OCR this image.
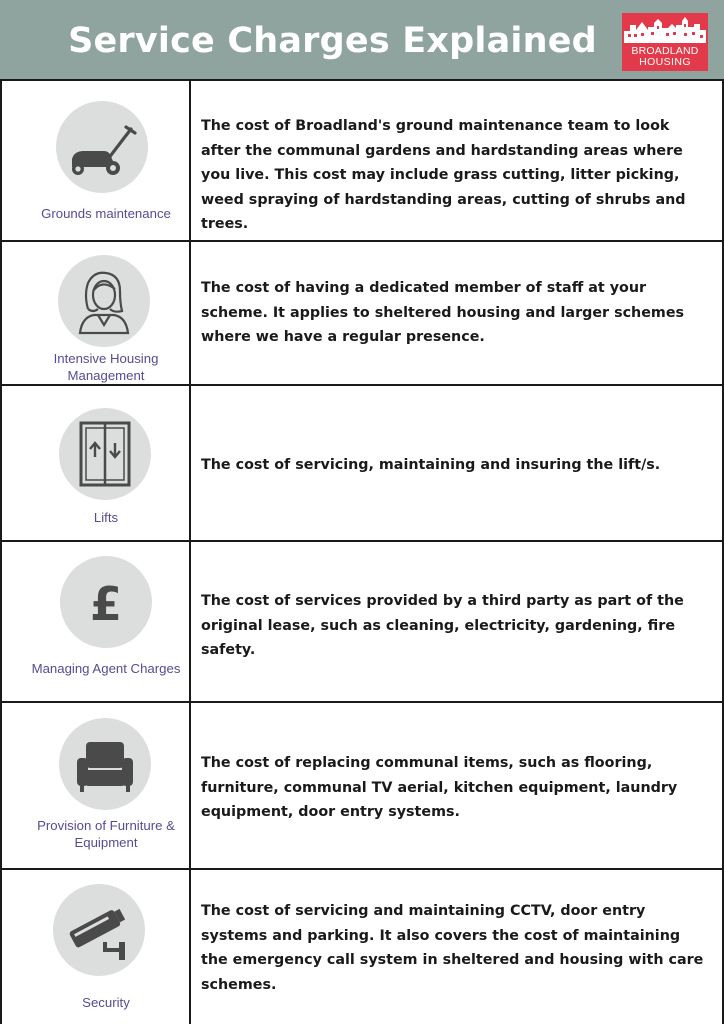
Service Charges Explained	BROADLAND
HOUSING
Grounds maintenance
The cost of Broadland's ground maintenance team to look after the communal gardens and hardstanding areas where you live. This cost may include grass cutting, litter picking, weed spraying of hardstanding areas, cutting of shrubs and trees.
Intensive Housing Management
The cost of having a dedicated member of staff at your scheme. It applies to sheltered housing and larger schemes where we have a regular presence.
Lifts
The cost of servicing, maintaining and insuring the lift/s.
£
Managing Agent Charges
The cost of services provided by a third party as part of the original lease, such as cleaning, electricity, gardening, fire safety.
Provision of Furniture & Equipment
The cost of replacing communal items, such as flooring, furniture, communal TV aerial, kitchen equipment, laundry equipment, door entry systems.
Security
The cost of servicing and maintaining CCTV, door entry systems and parking. It also covers the cost of maintaining the emergency call system in sheltered and housing with care schemes.
